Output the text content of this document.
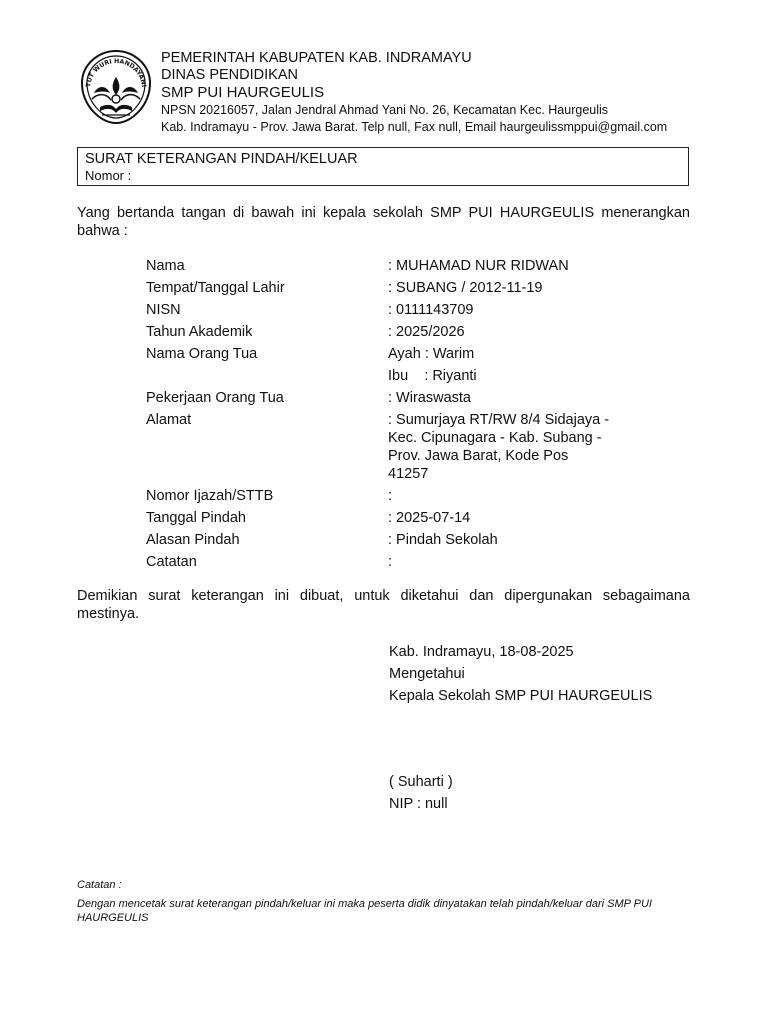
TUT WURI HANDAYANI
PEMERINTAH KABUPATEN KAB. INDRAMAYU
DINAS PENDIDIKAN
SMP PUI HAURGEULIS
NPSN 20216057, Jalan Jendral Ahmad Yani No. 26, Kecamatan Kec. Haurgeulis
Kab. Indramayu - Prov. Jawa Barat. Telp null, Fax null, Email haurgeulissmppui@gmail.com
SURAT KETERANGAN PINDAH/KELUAR
Nomor :
Yang bertanda tangan di bawah ini kepala sekolah SMP PUI HAURGEULIS menerangkan bahwa :
Nama	: MUHAMAD NUR RIDWAN
Tempat/Tanggal Lahir	: SUBANG / 2012-11-19
NISN	: 0111143709
Tahun Akademik	: 2025/2026
Nama Orang Tua	Ayah : Warim
Ibu    : Riyanti
Pekerjaan Orang Tua	: Wiraswasta
Alamat	: Sumurjaya RT/RW 8/4 Sidajaya -
Kec. Cipunagara - Kab. Subang -
Prov. Jawa Barat, Kode Pos
41257
Nomor Ijazah/STTB	:
Tanggal Pindah	: 2025-07-14
Alasan Pindah	: Pindah Sekolah
Catatan	:
Demikian surat keterangan ini dibuat, untuk diketahui dan dipergunakan sebagaimana mestinya.
Kab. Indramayu, 18-08-2025
Mengetahui
Kepala Sekolah SMP PUI HAURGEULIS
( Suharti )
NIP : null
Catatan :
Dengan mencetak surat keterangan pindah/keluar ini maka peserta didik dinyatakan telah pindah/keluar dari SMP PUI HAURGEULIS
